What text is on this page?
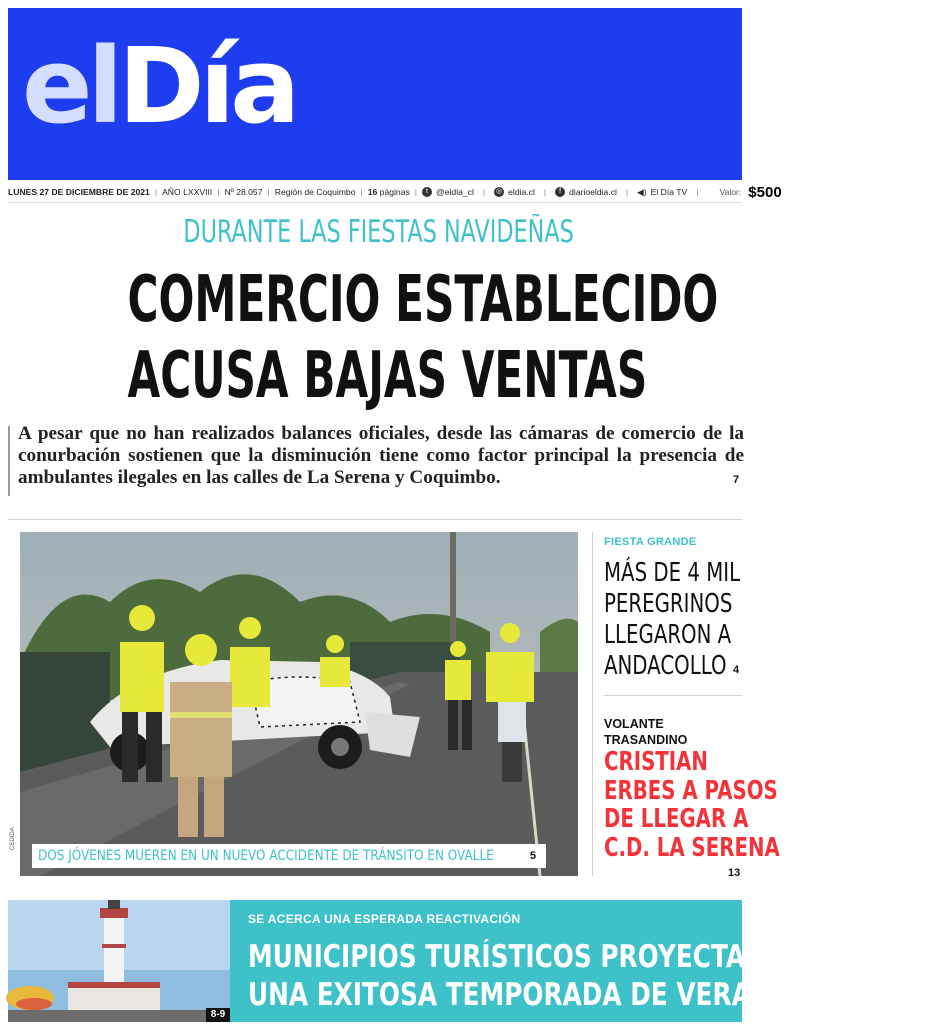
elDía
LUNES 27 DE DICIEMBRE DE 2021 | AÑO LXXVIII | Nº 28.057 | Región de Coquimbo | 16
páginas |	t @eldia_cl | ◎ eldia.cl |	f diarioeldia.cl | ◀) El Día TV | Valor: $500
DURANTE LAS FIESTAS NAVIDEÑAS
COMERCIO ESTABLECIDO
ACUSA BAJAS VENTAS
A pesar que no han realizados balances oficiales, desde las cámaras de comercio de la conurbación sostienen que la disminución tiene como factor principal la presencia de ambulantes ilegales en las calles de La Serena y Coquimbo.	7
CEDIDA
DOS JÓVENES MUEREN EN UN NUEVO ACCIDENTE DE TRÁNSITO EN OVALLE	5
FIESTA GRANDE
MÁS DE 4 MIL
PEREGRINOS
LLEGARON A
ANDACOLLO 4
VOLANTE
TRASANDINO
CRISTIAN
ERBES A PASOS
DE LLEGAR A
C.D. LA SERENA
13
8-9
SE ACERCA UNA ESPERADA REACTIVACIÓN
MUNICIPIOS TURÍSTICOS PROYECTAN
UNA EXITOSA TEMPORADA DE VERANO
